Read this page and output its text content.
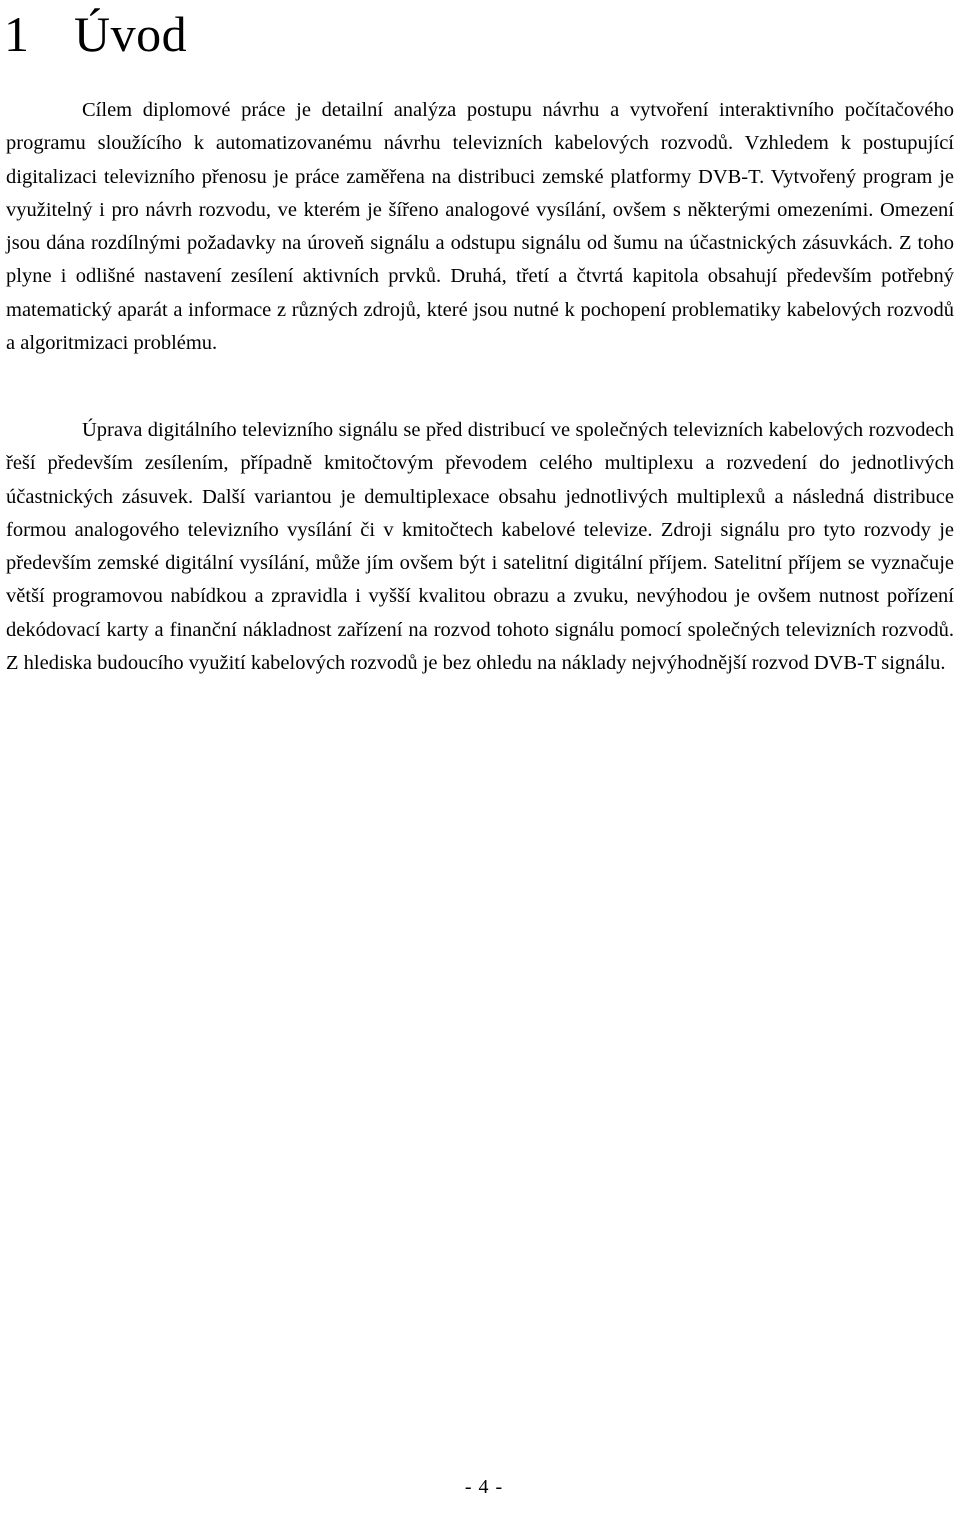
1 Úvod

Cílem diplomové práce je detailní analýza postupu návrhu a vytvoření interaktivního počítačového programu sloužícího k automatizovanému návrhu televizních kabelových rozvodů. Vzhledem k postupující digitalizaci televizního přenosu je práce zaměřena na distribuci zemské platformy DVB-T. Vytvořený program je využitelný i pro návrh rozvodu, ve kterém je šířeno analogové vysílání, ovšem s některými omezeními. Omezení jsou dána rozdílnými požadavky na úroveň signálu a odstupu signálu od šumu na účastnických zásuvkách. Z toho plyne i odlišné nastavení zesílení aktivních prvků. Druhá, třetí a čtvrtá kapitola obsahují především potřebný matematický aparát a informace z různých zdrojů, které jsou nutné k pochopení problematiky kabelových rozvodů a algoritmizaci problému.

Úprava digitálního televizního signálu se před distribucí ve společných televizních kabelových rozvodech řeší především zesílením, případně kmitočtovým převodem celého multiplexu a rozvedení do jednotlivých účastnických zásuvek. Další variantou je demultiplexace obsahu jednotlivých multiplexů a následná distribuce formou analogového televizního vysílání či v kmitočtech kabelové televize. Zdroji signálu pro tyto rozvody je především zemské digitální vysílání, může jím ovšem být i satelitní digitální příjem. Satelitní příjem se vyznačuje větší programovou nabídkou a zpravidla i vyšší kvalitou obrazu a zvuku, nevýhodou je ovšem nutnost pořízení dekódovací karty a finanční nákladnost zařízení na rozvod tohoto signálu pomocí společných televizních rozvodů. Z hlediska budoucího využití kabelových rozvodů je bez ohledu na náklady nejvýhodnější rozvod DVB-T signálu.

- 4 -
